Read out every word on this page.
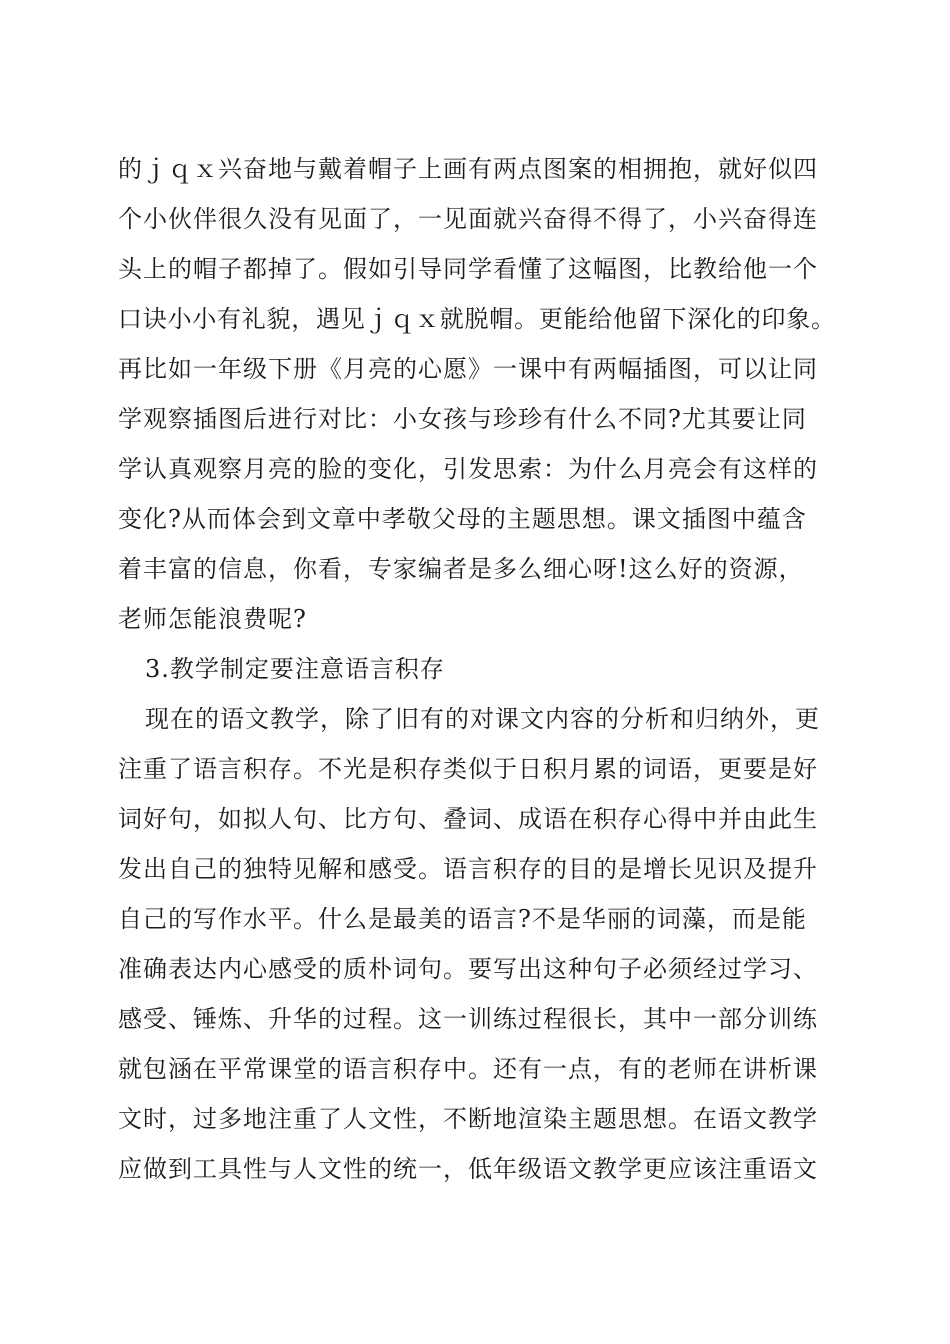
的ｊｑｘ兴奋地与戴着帽子上画有两点图案的相拥抱，就好似四
个小伙伴很久没有见面了，一见面就兴奋得不得了，小兴奋得连
头上的帽子都掉了。假如引导同学看懂了这幅图，比教给他一个
口诀小小有礼貌，遇见ｊｑｘ就脱帽。更能给他留下深化的印象。
再比如一年级下册《月亮的心愿》一课中有两幅插图，可以让同
学观察插图后进行对比：小女孩与珍珍有什么不同?尤其要让同
学认真观察月亮的脸的变化，引发思索：为什么月亮会有这样的
变化?从而体会到文章中孝敬父母的主题思想。课文插图中蕴含
着丰富的信息，你看，专家编者是多么细心呀!这么好的资源，
老师怎能浪费呢?
3.教学制定要注意语言积存
现在的语文教学，除了旧有的对课文内容的分析和归纳外，更
注重了语言积存。不光是积存类似于日积月累的词语，更要是好
词好句，如拟人句、比方句、叠词、成语在积存心得中并由此生
发出自己的独特见解和感受。语言积存的目的是增长见识及提升
自己的写作水平。什么是最美的语言?不是华丽的词藻，而是能
准确表达内心感受的质朴词句。要写出这种句子必须经过学习、
感受、锤炼、升华的过程。这一训练过程很长，其中一部分训练
就包涵在平常课堂的语言积存中。还有一点，有的老师在讲析课
文时，过多地注重了人文性，不断地渲染主题思想。在语文教学
应做到工具性与人文性的统一，低年级语文教学更应该注重语文
